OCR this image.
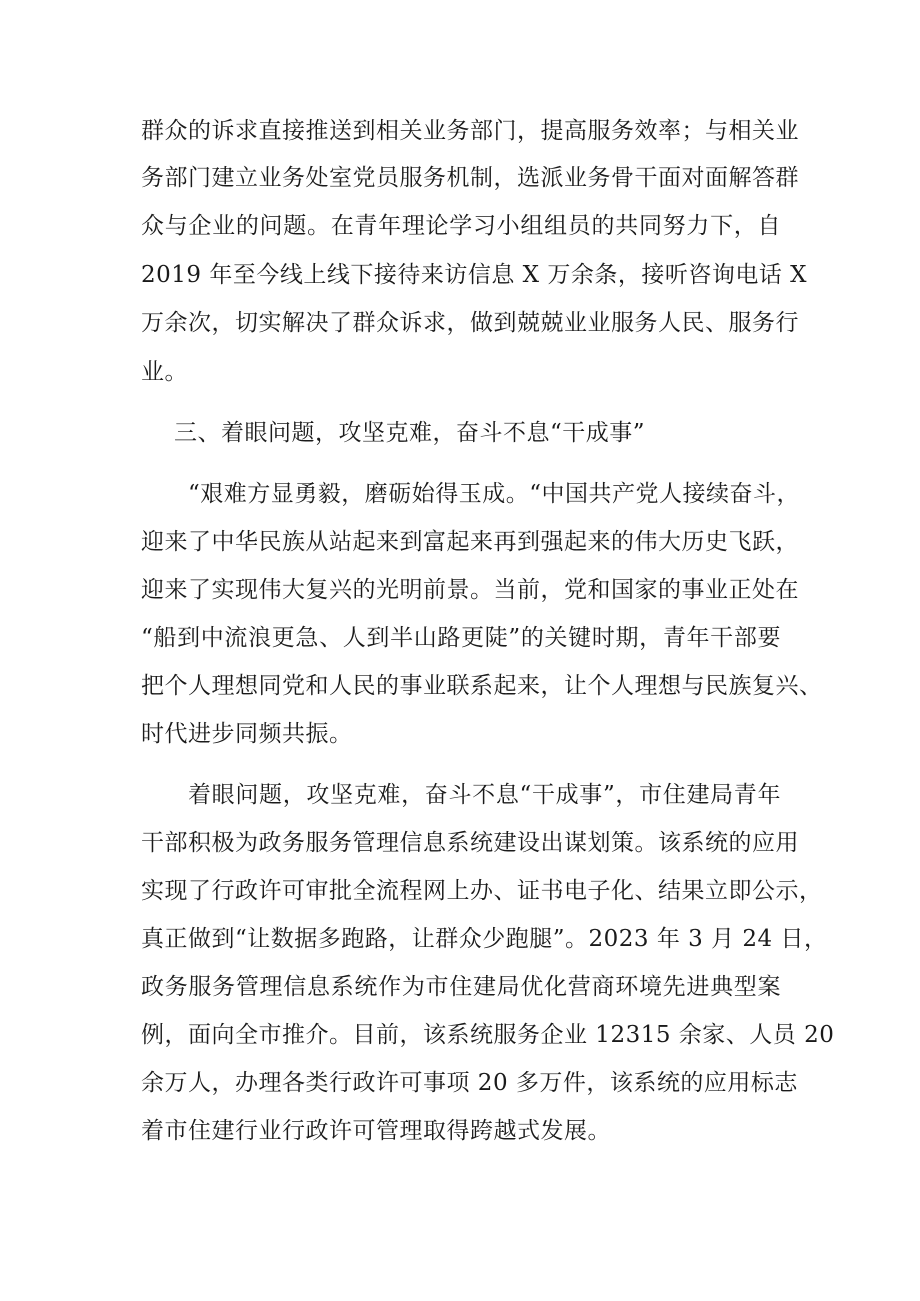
群众的诉求直接推送到相关业务部门，提高服务效率；与相关业
务部门建立业务处室党员服务机制，选派业务骨干面对面解答群
众与企业的问题。在青年理论学习小组组员的共同努力下，自
2019 年至今线上线下接待来访信息 X 万余条，接听咨询电话 X
万余次，切实解决了群众诉求，做到兢兢业业服务人民、服务行
业。
三、着眼问题，攻坚克难，奋斗不息“干成事”
“艰难方显勇毅，磨砺始得玉成。“中国共产党人接续奋斗，
迎来了中华民族从站起来到富起来再到强起来的伟大历史飞跃，
迎来了实现伟大复兴的光明前景。当前，党和国家的事业正处在
“船到中流浪更急、人到半山路更陡”的关键时期，青年干部要
把个人理想同党和人民的事业联系起来，让个人理想与民族复兴、
时代进步同频共振。
着眼问题，攻坚克难，奋斗不息“干成事”，市住建局青年
干部积极为政务服务管理信息系统建设出谋划策。该系统的应用
实现了行政许可审批全流程网上办、证书电子化、结果立即公示，
真正做到“让数据多跑路，让群众少跑腿”。2023 年 3 月 24 日，
政务服务管理信息系统作为市住建局优化营商环境先进典型案
例，面向全市推介。目前，该系统服务企业 12315 余家、人员 20
余万人，办理各类行政许可事项 20 多万件，该系统的应用标志
着市住建行业行政许可管理取得跨越式发展。
